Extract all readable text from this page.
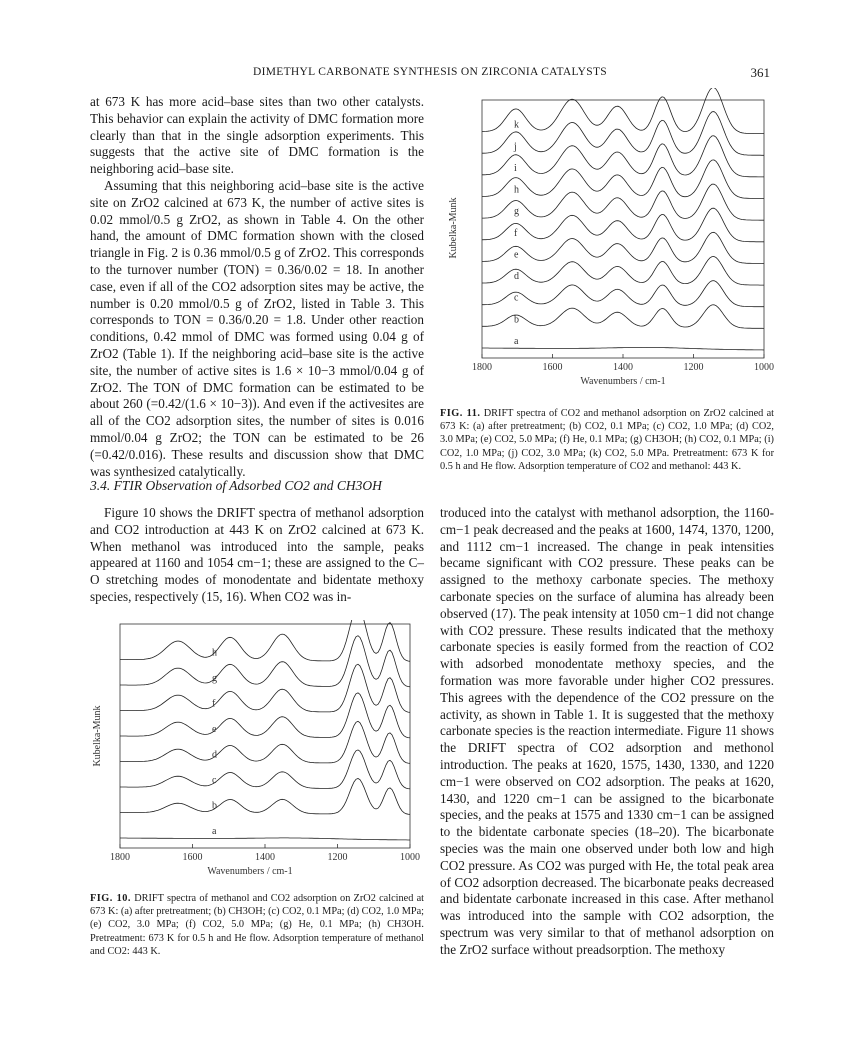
DIMETHYL CARBONATE SYNTHESIS ON ZIRCONIA CATALYSTS	361

at 673 K has more acid–base sites than two other catalysts. This behavior can explain the activity of DMC formation more clearly than that in the single adsorption experiments. This suggests that the active site of DMC formation is the neighboring acid–base site.

Assuming that this neighboring acid–base site is the active site on ZrO2 calcined at 673 K, the number of active sites is 0.02 mmol/0.5 g ZrO2, as shown in Table 4. On the other hand, the amount of DMC formation shown with the closed triangle in Fig. 2 is 0.36 mmol/0.5 g of ZrO2. This corresponds to the turnover number (TON) = 0.36/0.02 = 18. In another case, even if all of the CO2 adsorption sites may be active, the number is 0.20 mmol/0.5 g of ZrO2, listed in Table 3. This corresponds to TON = 0.36/0.20 = 1.8. Under other reaction conditions, 0.42 mmol of DMC was formed using 0.04 g of ZrO2 (Table 1). If the neighboring acid–base site is the active site, the number of active sites is 1.6 × 10−3 mmol/0.04 g of ZrO2. The TON of DMC formation can be estimated to be about 260 (=0.42/(1.6 × 10−3)). And even if the activesites are all of the CO2 adsorption sites, the number of sites is 0.016 mmol/0.04 g ZrO2; the TON can be estimated to be 26 (=0.42/0.016). These results and discussion show that DMC was synthesized catalytically.

3.4. FTIR Observation of Adsorbed CO2 and CH3OH

Figure 10 shows the DRIFT spectra of methanol adsorption and CO2 introduction at 443 K on ZrO2 calcined at 673 K. When methanol was introduced into the sample, peaks appeared at 1160 and 1054 cm−1; these are assigned to the C–O stretching modes of monodentate and bidentate methoxy species, respectively (15, 16). When CO2 was in-

troduced into the catalyst with methanol adsorption, the 1160-cm−1 peak decreased and the peaks at 1600, 1474, 1370, 1200, and 1112 cm−1 increased. The change in peak intensities became significant with CO2 pressure. These peaks can be assigned to the methoxy carbonate species. The methoxy carbonate species on the surface of alumina has already been observed (17). The peak intensity at 1050 cm−1 did not change with CO2 pressure. These results indicated that the methoxy carbonate species is easily formed from the reaction of CO2 with adsorbed monodentate methoxy species, and the formation was more favorable under higher CO2 pressures. This agrees with the dependence of the CO2 pressure on the activity, as shown in Table 1. It is suggested that the methoxy carbonate species is the reaction intermediate. Figure 11 shows the DRIFT spectra of CO2 adsorption and methonol introduction. The peaks at 1620, 1575, 1430, 1330, and 1220 cm−1 were observed on CO2 adsorption. The peaks at 1620, 1430, and 1220 cm−1 can be assigned to the bicarbonate species, and the peaks at 1575 and 1330 cm−1 can be assigned to the bidentate carbonate species (18–20). The bicarbonate species was the main one observed under both low and high CO2 pressure. As CO2 was purged with He, the total peak area of CO2 adsorption decreased. The bicarbonate peaks decreased and bidentate carbonate increased in this case. After methanol was introduced into the sample with CO2 adsorption, the spectrum was very similar to that of methanol adsorption on the ZrO2 surface without preadsorption. The methoxy

a
b
c
d
e
f
g
h
i
j
k
1800	1600	1400	1200	1000
Kubelka-Munk
Wavenumbers / cm-1
FIG. 11. DRIFT spectra of CO2 and methanol adsorption on ZrO2 calcined at 673 K: (a) after pretreatment; (b) CO2, 0.1 MPa; (c) CO2, 1.0 MPa; (d) CO2, 3.0 MPa; (e) CO2, 5.0 MPa; (f) He, 0.1 MPa; (g) CH3OH; (h) CO2, 0.1 MPa; (i) CO2, 1.0 MPa; (j) CO2, 3.0 MPa; (k) CO2, 5.0 MPa. Pretreatment: 673 K for 0.5 h and He flow. Adsorption temperature of CO2 and methanol: 443 K.
a
b
c
d
e
f
g
h
1800	1600	1400	1200	1000
Kubelka-Munk
Wavenumbers / cm-1
FIG. 10. DRIFT spectra of methanol and CO2 adsorption on ZrO2 calcined at 673 K: (a) after pretreatment; (b) CH3OH; (c) CO2, 0.1 MPa; (d) CO2, 1.0 MPa; (e) CO2, 3.0 MPa; (f) CO2, 5.0 MPa; (g) He, 0.1 MPa; (h) CH3OH. Pretreatment: 673 K for 0.5 h and He flow. Adsorption temperature of methanol and CO2: 443 K.
